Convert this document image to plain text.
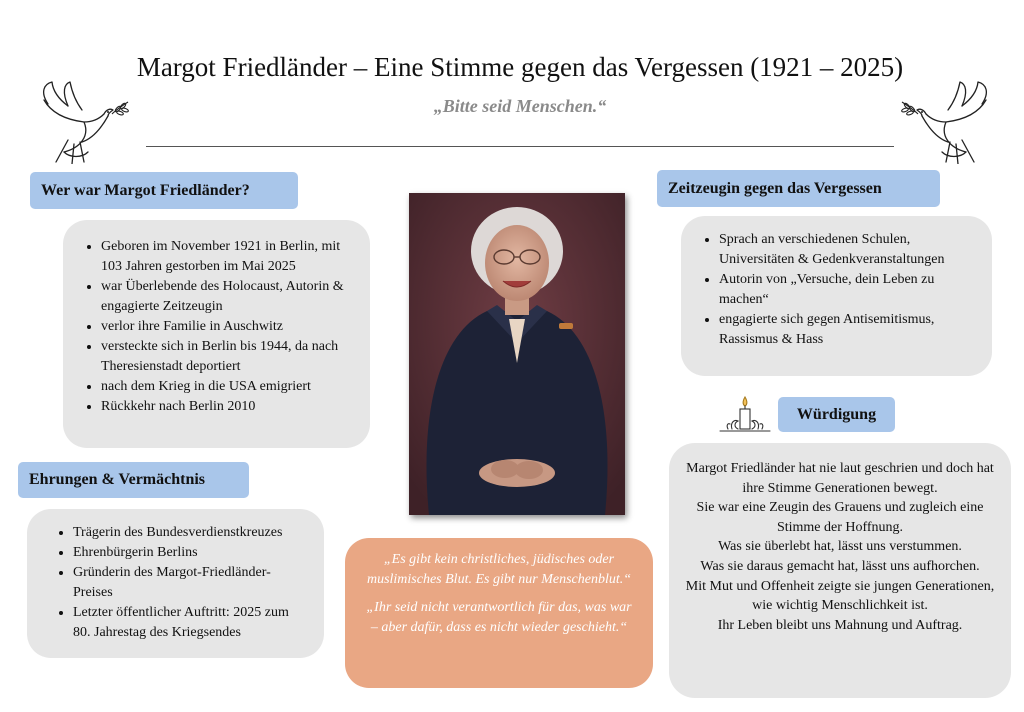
Margot Friedländer – Eine Stimme gegen das Vergessen (1921 – 2025)
„Bitte seid Menschen.“
Wer war Margot Friedländer?
• Geboren im November 1921 in Berlin, mit 103 Jahren gestorben im Mai 2025
• war Überlebende des Holocaust, Autorin & engagierte Zeitzeugin
• verlor ihre Familie in Auschwitz
• versteckte sich in Berlin bis 1944, da nach Theresienstadt deportiert
• nach dem Krieg in die USA emigriert
• Rückkehr nach Berlin 2010
Ehrungen & Vermächtnis
• Trägerin des Bundesverdienstkreuzes
• Ehrenbürgerin Berlins
• Gründerin des Margot-Friedländer-Preises
• Letzter öffentlicher Auftritt: 2025 zum 80. Jahrestag des Kriegsendes

„Es gibt kein christliches, jüdisches oder muslimisches Blut. Es gibt nur Menschenblut.“

„Ihr seid nicht verantwortlich für das, was war – aber dafür, dass es nicht wieder geschieht.“

Zeitzeugin gegen das Vergessen
• Sprach an verschiedenen Schulen, Universitäten & Gedenkveranstaltungen
• Autorin von „Versuche, dein Leben zu machen“
• engagierte sich gegen Antisemitismus, Rassismus & Hass
Würdigung

Margot Friedländer hat nie laut geschrien und doch hat ihre Stimme Generationen bewegt.

Sie war eine Zeugin des Grauens und zugleich eine Stimme der Hoffnung.

Was sie überlebt hat, lässt uns verstummen.

Was sie daraus gemacht hat, lässt uns aufhorchen.

Mit Mut und Offenheit zeigte sie jungen Generationen, wie wichtig Menschlichkeit ist.

Ihr Leben bleibt uns Mahnung und Auftrag.
